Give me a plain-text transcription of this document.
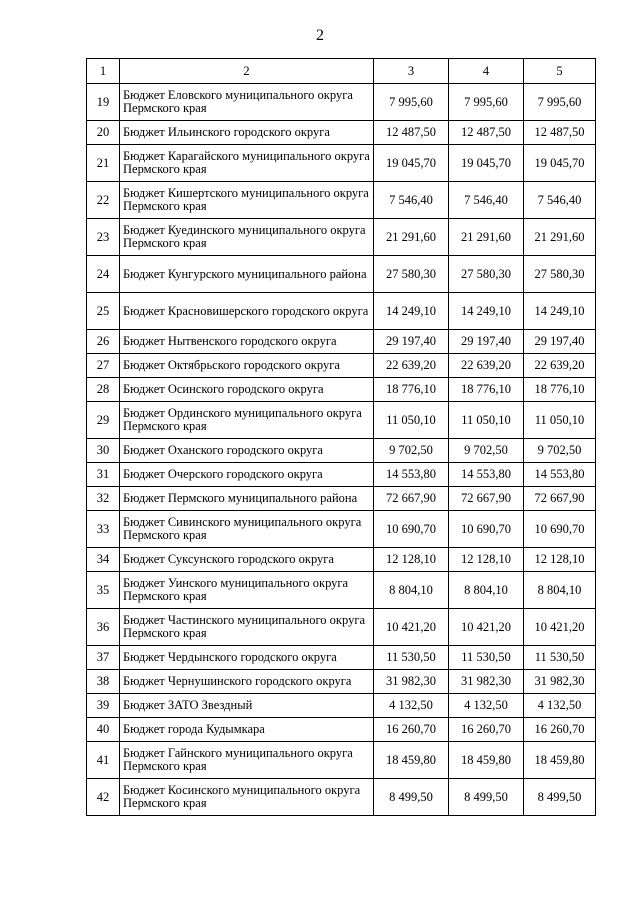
2
1	2	3	4	5
19	Бюджет Еловского муниципального округа Пермского края	7 995,60	7 995,60	7 995,60
20	Бюджет Ильинского городского округа	12 487,50	12 487,50	12 487,50
21	Бюджет Карагайского муниципального округа Пермского края	19 045,70	19 045,70	19 045,70
22	Бюджет Кишертского муниципального округа Пермского края	7 546,40	7 546,40	7 546,40
23	Бюджет Куединского муниципального округа Пермского края	21 291,60	21 291,60	21 291,60
24	Бюджет Кунгурского муниципального района	27 580,30	27 580,30	27 580,30
25	Бюджет Красновишерского городского округа	14 249,10	14 249,10	14 249,10
26	Бюджет Нытвенского городского округа	29 197,40	29 197,40	29 197,40
27	Бюджет Октябрьского городского округа	22 639,20	22 639,20	22 639,20
28	Бюджет Осинского городского округа	18 776,10	18 776,10	18 776,10
29	Бюджет Ординского муниципального округа Пермского края	11 050,10	11 050,10	11 050,10
30	Бюджет Оханского городского округа	9 702,50	9 702,50	9 702,50
31	Бюджет Очерского городского округа	14 553,80	14 553,80	14 553,80
32	Бюджет Пермского муниципального района	72 667,90	72 667,90	72 667,90
33	Бюджет Сивинского муниципального округа Пермского края	10 690,70	10 690,70	10 690,70
34	Бюджет Суксунского городского округа	12 128,10	12 128,10	12 128,10
35	Бюджет Уинского муниципального округа Пермского края	8 804,10	8 804,10	8 804,10
36	Бюджет Частинского муниципального округа Пермского края	10 421,20	10 421,20	10 421,20
37	Бюджет Чердынского городского округа	11 530,50	11 530,50	11 530,50
38	Бюджет Чернушинского городского округа	31 982,30	31 982,30	31 982,30
39	Бюджет ЗАТО Звездный	4 132,50	4 132,50	4 132,50
40	Бюджет города Кудымкара	16 260,70	16 260,70	16 260,70
41	Бюджет Гайнского муниципального округа Пермского края	18 459,80	18 459,80	18 459,80
42	Бюджет Косинского муниципального округа Пермского края	8 499,50	8 499,50	8 499,50
